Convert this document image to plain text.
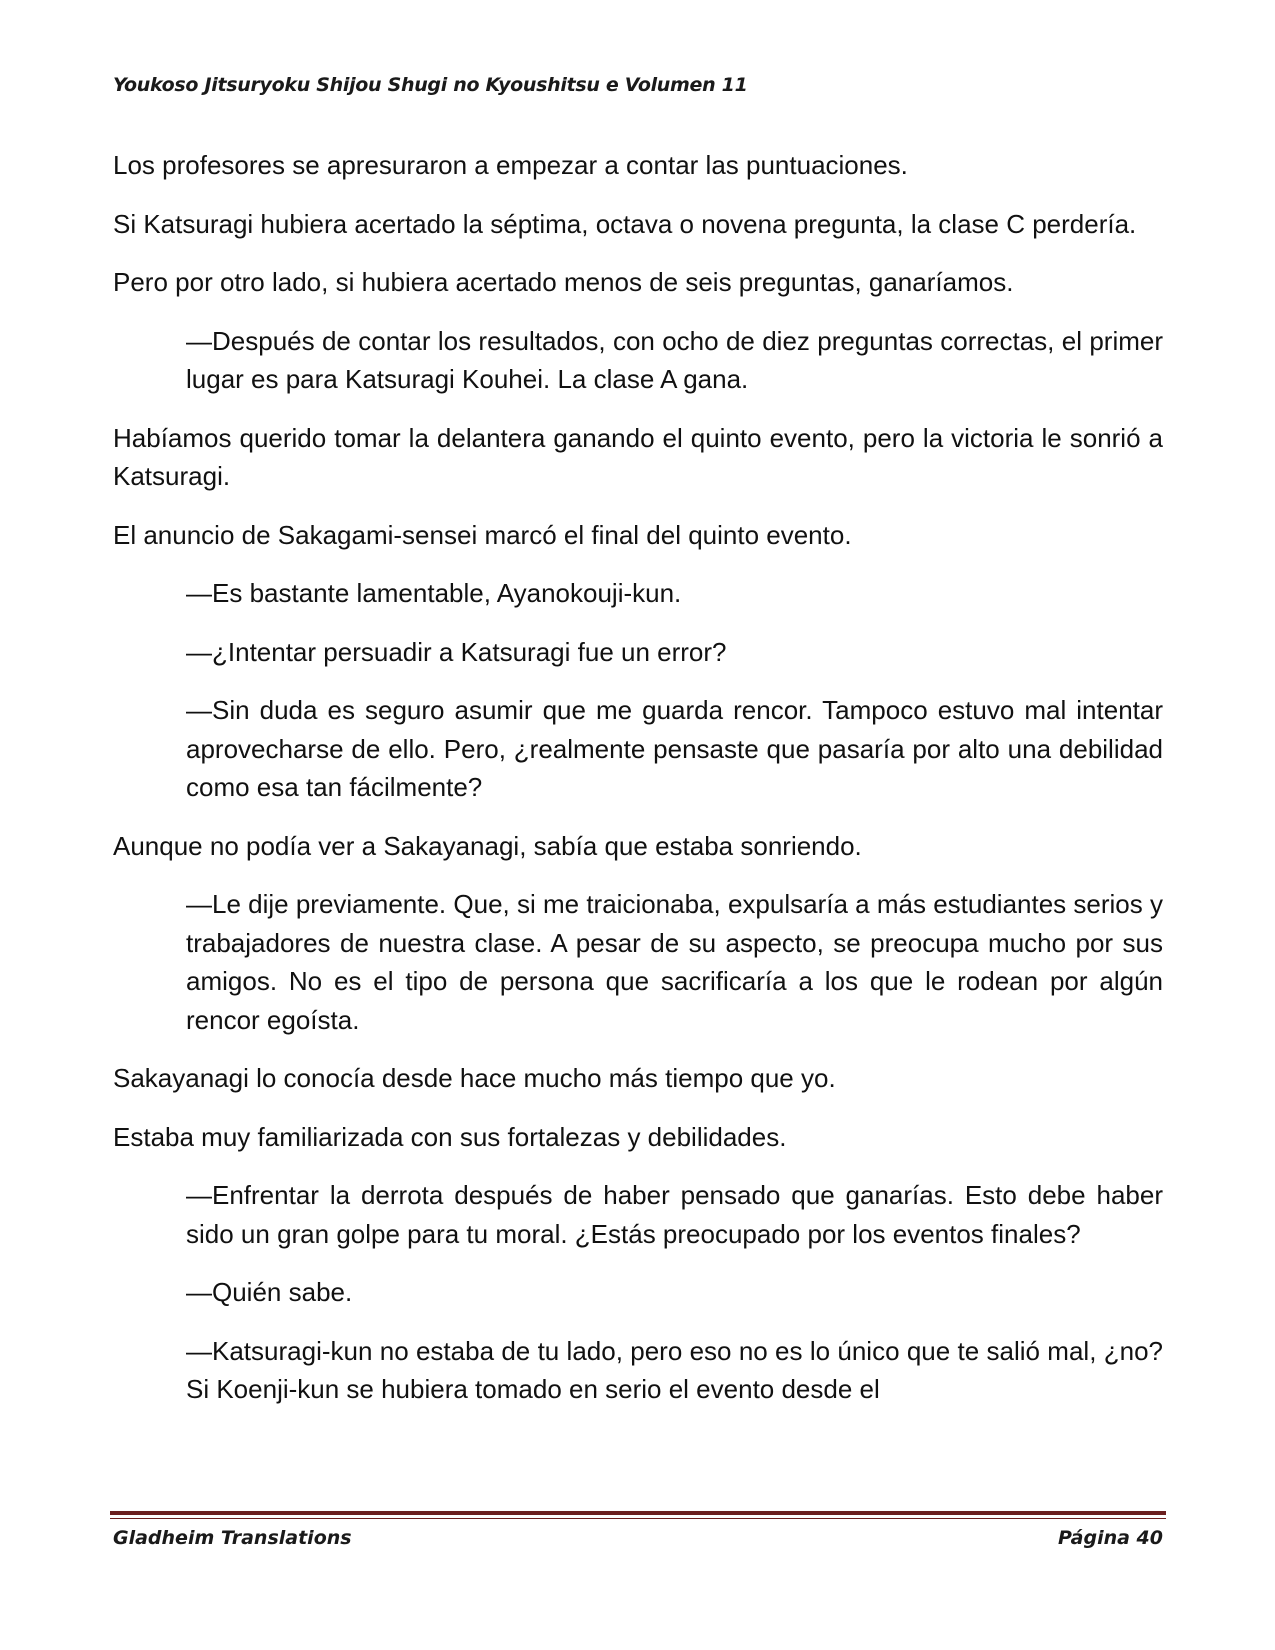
Youkoso Jitsuryoku Shijou Shugi no Kyoushitsu e Volumen 11

Los profesores se apresuraron a empezar a contar las puntuaciones.

Si Katsuragi hubiera acertado la séptima, octava o novena pregunta, la clase C perdería.

Pero por otro lado, si hubiera acertado menos de seis preguntas, ganaríamos.

—Después de contar los resultados, con ocho de diez preguntas correctas, el primer lugar es para Katsuragi Kouhei. La clase A gana.

Habíamos querido tomar la delantera ganando el quinto evento, pero la victoria le sonrió a Katsuragi.

El anuncio de Sakagami-sensei marcó el final del quinto evento.

—Es bastante lamentable, Ayanokouji-kun.

—¿Intentar persuadir a Katsuragi fue un error?

—Sin duda es seguro asumir que me guarda rencor. Tampoco estuvo mal intentar aprovecharse de ello. Pero, ¿realmente pensaste que pasaría por alto una debilidad como esa tan fácilmente?

Aunque no podía ver a Sakayanagi, sabía que estaba sonriendo.

—Le dije previamente. Que, si me traicionaba, expulsaría a más estudiantes serios y trabajadores de nuestra clase. A pesar de su aspecto, se preocupa mucho por sus amigos. No es el tipo de persona que sacrificaría a los que le rodean por algún rencor egoísta.

Sakayanagi lo conocía desde hace mucho más tiempo que yo.

Estaba muy familiarizada con sus fortalezas y debilidades.

—Enfrentar la derrota después de haber pensado que ganarías. Esto debe haber sido un gran golpe para tu moral. ¿Estás preocupado por los eventos finales?

—Quién sabe.

—Katsuragi-kun no estaba de tu lado, pero eso no es lo único que te salió mal, ¿no? Si Koenji-kun se hubiera tomado en serio el evento desde el

Gladheim Translations	Página 40
